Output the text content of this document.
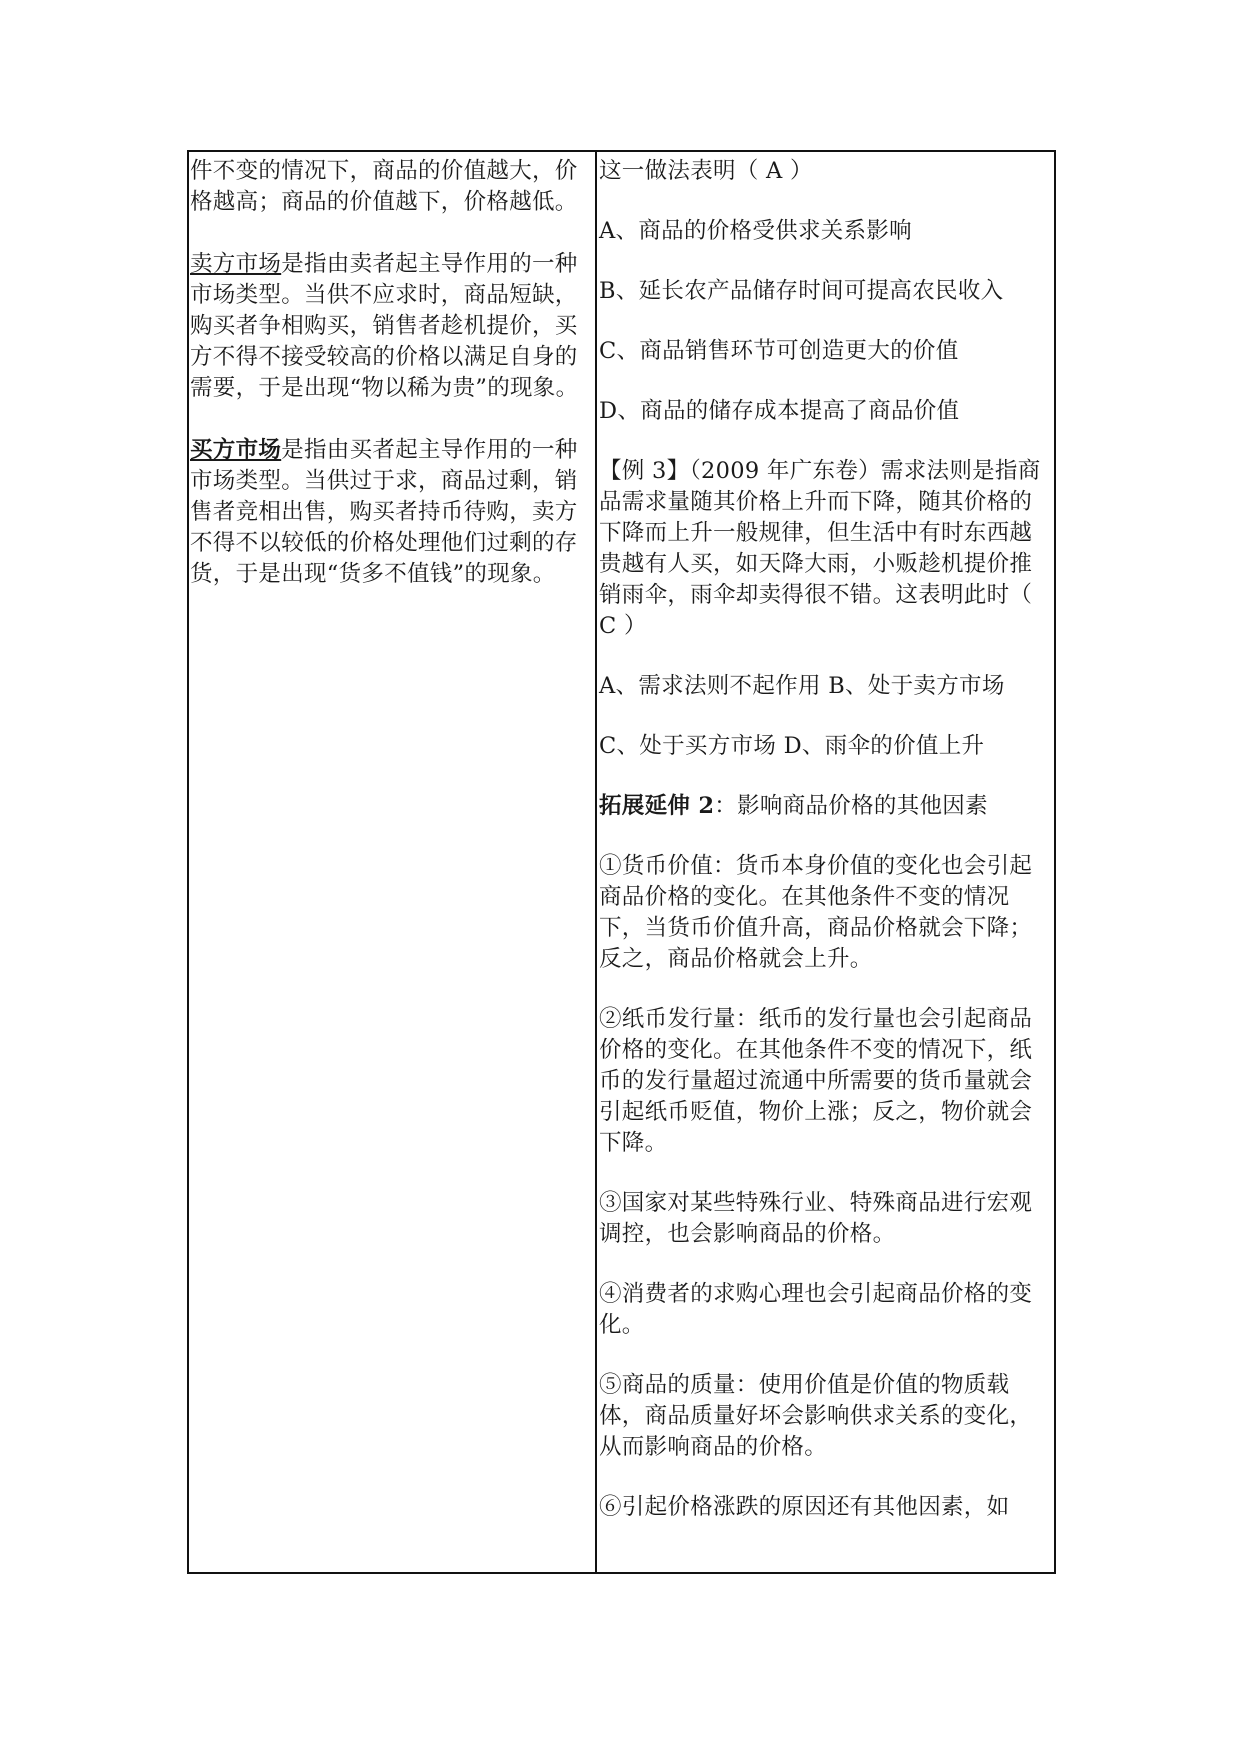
件不变的情况下，商品的价值越大，价格越高；商品的价值越下，价格越低。

卖方市场是指由卖者起主导作用的一种市场类型。当供不应求时，商品短缺，购买者争相购买，销售者趁机提价，买方不得不接受较高的价格以满足自身的需要，于是出现“物以稀为贵”的现象。

买方市场是指由买者起主导作用的一种市场类型。当供过于求，商品过剩，销售者竞相出售，购买者持币待购，卖方不得不以较低的价格处理他们过剩的存货，于是出现“货多不值钱”的现象。

这一做法表明（ A ）

A、商品的价格受供求关系影响

B、延长农产品储存时间可提高农民收入

C、商品销售环节可创造更大的价值

D、商品的储存成本提高了商品价值

【例 3】（2009 年广东卷）需求法则是指商品需求量随其价格上升而下降，随其价格的下降而上升一般规律，但生活中有时东西越贵越有人买，如天降大雨，小贩趁机提价推销雨伞，雨伞却卖得很不错。这表明此时（ C ）

A、需求法则不起作用 B、处于卖方市场

C、处于买方市场 D、雨伞的价值上升

拓展延伸 2：影响商品价格的其他因素

①货币价值：货币本身价值的变化也会引起商品价格的变化。在其他条件不变的情况下，当货币价值升高，商品价格就会下降；反之，商品价格就会上升。

②纸币发行量：纸币的发行量也会引起商品价格的变化。在其他条件不变的情况下，纸币的发行量超过流通中所需要的货币量就会引起纸币贬值，物价上涨；反之，物价就会下降。

③国家对某些特殊行业、特殊商品进行宏观调控，也会影响商品的价格。

④消费者的求购心理也会引起商品价格的变化。

⑤商品的质量：使用价值是价值的物质载体，商品质量好坏会影响供求关系的变化，从而影响商品的价格。

⑥引起价格涨跌的原因还有其他因素，如
